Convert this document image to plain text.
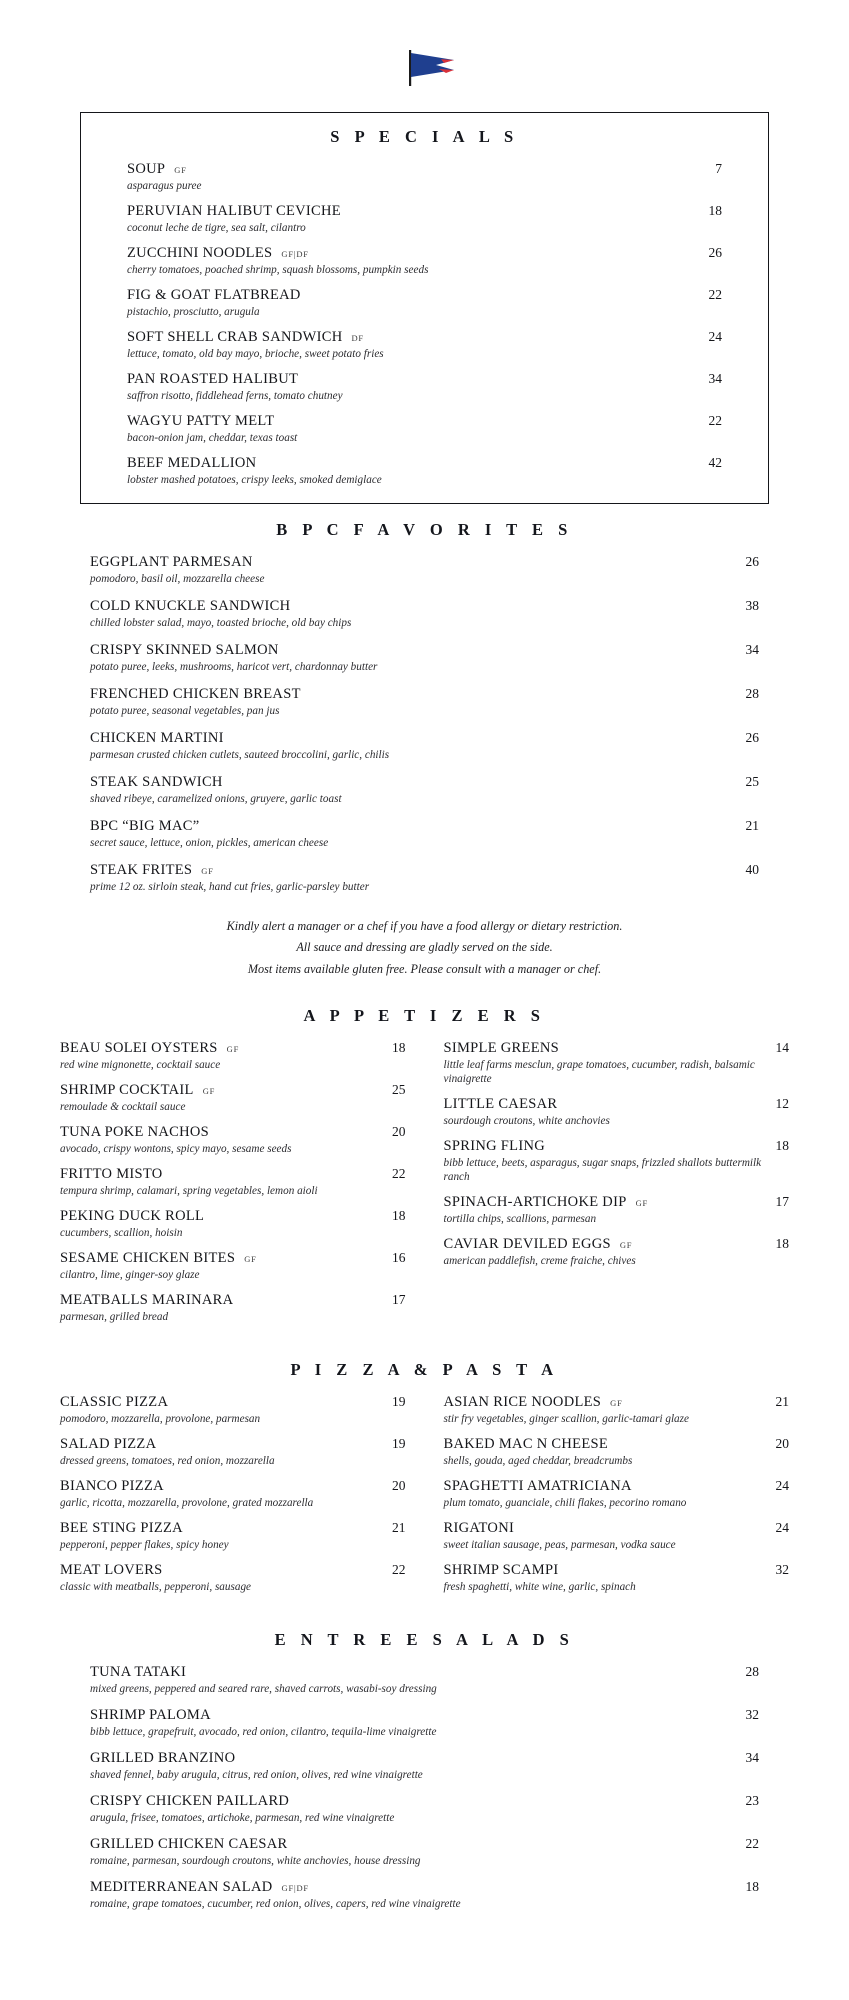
S P E C I A L S
SOUP GF	7
asparagus puree
PERUVIAN HALIBUT CEVICHE	18
coconut leche de tigre, sea salt, cilantro
ZUCCHINI NOODLES GF|DF	26
cherry tomatoes, poached shrimp, squash blossoms, pumpkin seeds
FIG & GOAT FLATBREAD	22
pistachio, prosciutto, arugula
SOFT SHELL CRAB SANDWICH DF	24
lettuce, tomato, old bay mayo, brioche, sweet potato fries
PAN ROASTED HALIBUT	34
saffron risotto, fiddlehead ferns, tomato chutney
WAGYU PATTY MELT	22
bacon-onion jam, cheddar, texas toast
BEEF MEDALLION	42
lobster mashed potatoes, crispy leeks, smoked demiglace
B P C F A V O R I T E S
EGGPLANT PARMESAN	26
pomodoro, basil oil, mozzarella cheese
COLD KNUCKLE SANDWICH	38
chilled lobster salad, mayo, toasted brioche, old bay chips
CRISPY SKINNED SALMON	34
potato puree, leeks, mushrooms, haricot vert, chardonnay butter
FRENCHED CHICKEN BREAST	28
potato puree, seasonal vegetables, pan jus
CHICKEN MARTINI	26
parmesan crusted chicken cutlets, sauteed broccolini, garlic, chilis
STEAK SANDWICH	25
shaved ribeye, caramelized onions, gruyere, garlic toast
BPC “BIG MAC”	21
secret sauce, lettuce, onion, pickles, american cheese
STEAK FRITES GF	40
prime 12 oz. sirloin steak, hand cut fries, garlic-parsley butter
Kindly alert a manager or a chef if you have a food allergy or dietary restriction.
All sauce and dressing are gladly served on the side.
Most items available gluten free. Please consult with a manager or chef.
A P P E T I Z E R S
BEAU SOLEI OYSTERS GF	18
red wine mignonette, cocktail sauce
SHRIMP COCKTAIL GF	25
remoulade & cocktail sauce
TUNA POKE NACHOS	20
avocado, crispy wontons, spicy mayo, sesame seeds
FRITTO MISTO	22
tempura shrimp, calamari, spring vegetables, lemon aioli
PEKING DUCK ROLL	18
cucumbers, scallion, hoisin
SESAME CHICKEN BITES GF	16
cilantro, lime, ginger-soy glaze
MEATBALLS MARINARA	17
parmesan, grilled bread
SIMPLE GREENS	14
little leaf farms mesclun, grape tomatoes, cucumber, radish, balsamic vinaigrette
LITTLE CAESAR	12
sourdough croutons, white anchovies
SPRING FLING	18
bibb lettuce, beets, asparagus, sugar snaps, frizzled shallots buttermilk ranch
SPINACH-ARTICHOKE DIP GF	17
tortilla chips, scallions, parmesan
CAVIAR DEVILED EGGS GF	18
american paddlefish, creme fraiche, chives
P I Z Z A & P A S T A
CLASSIC PIZZA	19
pomodoro, mozzarella, provolone, parmesan
SALAD PIZZA	19
dressed greens, tomatoes, red onion, mozzarella
BIANCO PIZZA	20
garlic, ricotta, mozzarella, provolone, grated mozzarella
BEE STING PIZZA	21
pepperoni, pepper flakes, spicy honey
MEAT LOVERS	22
classic with meatballs, pepperoni, sausage
ASIAN RICE NOODLES GF	21
stir fry vegetables, ginger scallion, garlic-tamari glaze
BAKED MAC N CHEESE	20
shells, gouda, aged cheddar, breadcrumbs
SPAGHETTI AMATRICIANA	24
plum tomato, guanciale, chili flakes, pecorino romano
RIGATONI	24
sweet italian sausage, peas, parmesan, vodka sauce
SHRIMP SCAMPI	32
fresh spaghetti, white wine, garlic, spinach
E N T R E E S A L A D S
TUNA TATAKI	28
mixed greens, peppered and seared rare, shaved carrots, wasabi-soy dressing
SHRIMP PALOMA	32
bibb lettuce, grapefruit, avocado, red onion, cilantro, tequila-lime vinaigrette
GRILLED BRANZINO	34
shaved fennel, baby arugula, citrus, red onion, olives, red wine vinaigrette
CRISPY CHICKEN PAILLARD	23
arugula, frisee, tomatoes, artichoke, parmesan, red wine vinaigrette
GRILLED CHICKEN CAESAR	22
romaine, parmesan, sourdough croutons, white anchovies, house dressing
MEDITERRANEAN SALAD GF|DF	18
romaine, grape tomatoes, cucumber, red onion, olives, capers, red wine vinaigrette
